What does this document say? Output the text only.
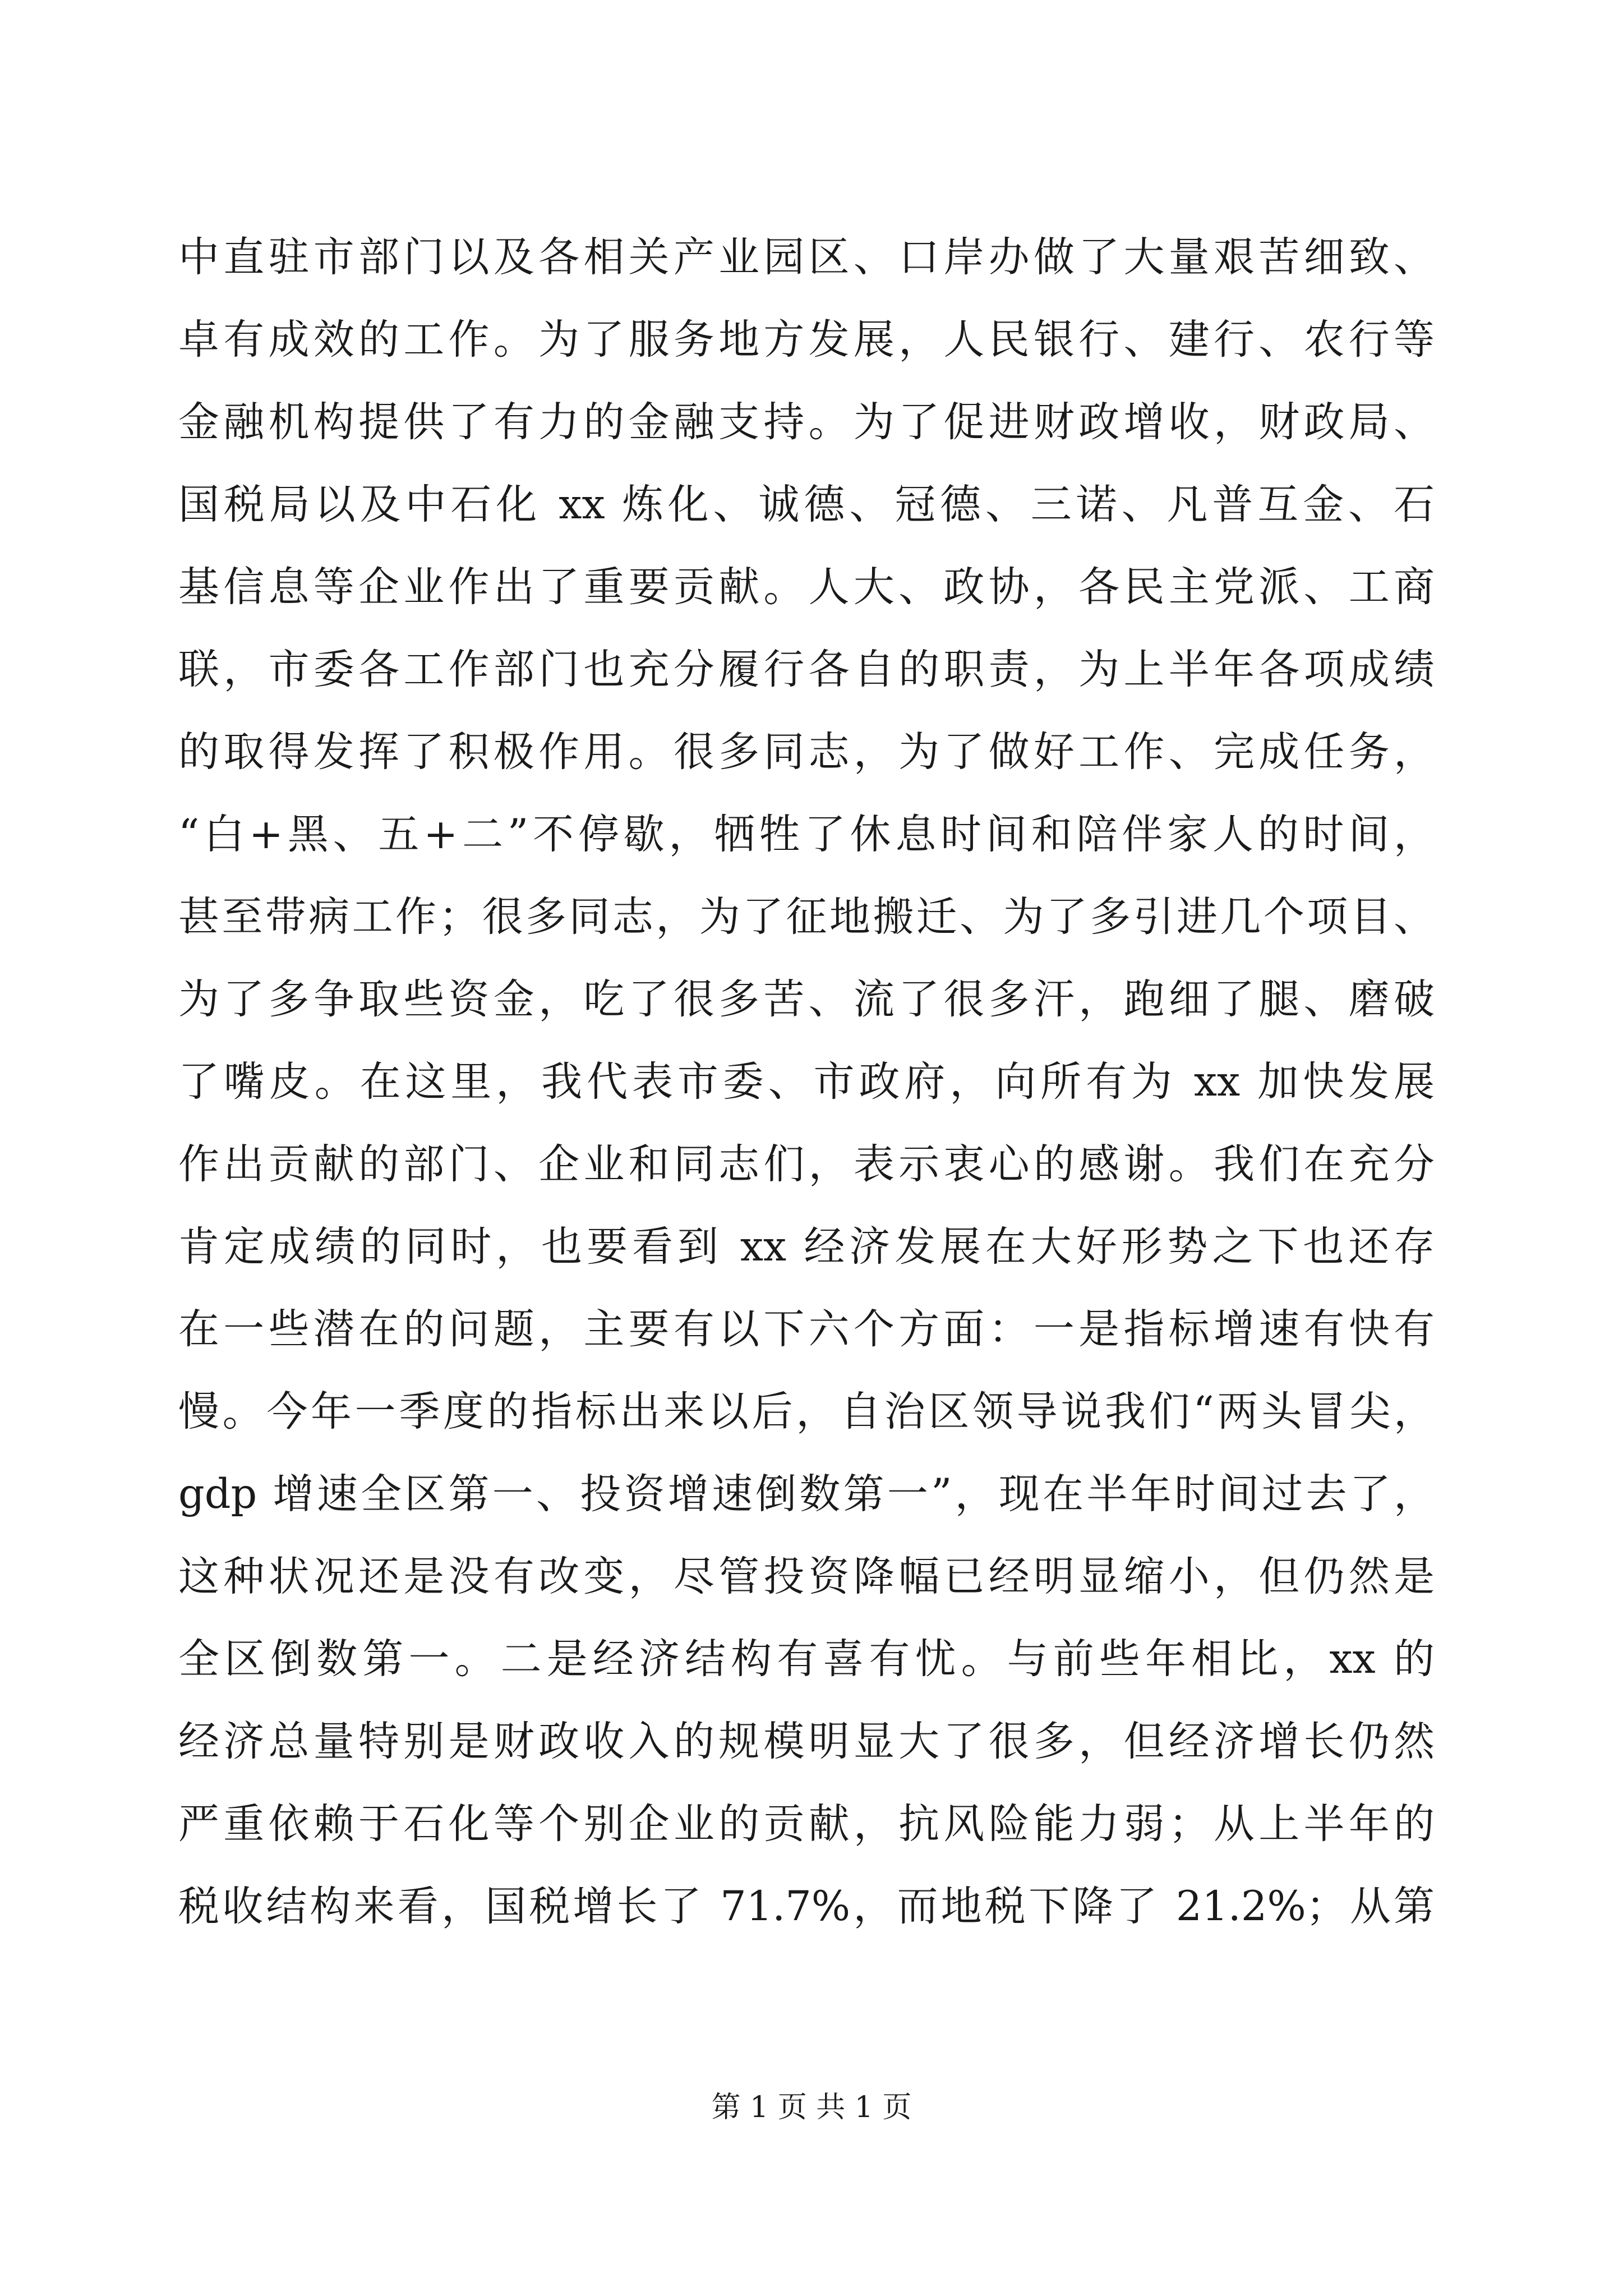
中直驻市部门以及各相关产业园区、口岸办做了大量艰苦细致、
卓有成效的工作。为了服务地方发展，人民银行、建行、农行等
金融机构提供了有力的金融支持。为了促进财政增收，财政局、
国税局以及中石化 xx 炼化、诚德、冠德、三诺、凡普互金、石
基信息等企业作出了重要贡献。人大、政协，各民主党派、工商
联，市委各工作部门也充分履行各自的职责，为上半年各项成绩
的取得发挥了积极作用。很多同志，为了做好工作、完成任务，
“白+黑、五+二”不停歇，牺牲了休息时间和陪伴家人的时间，
甚至带病工作；很多同志，为了征地搬迁、为了多引进几个项目、
为了多争取些资金，吃了很多苦、流了很多汗，跑细了腿、磨破
了嘴皮。在这里，我代表市委、市政府，向所有为 xx 加快发展
作出贡献的部门、企业和同志们，表示衷心的感谢。我们在充分
肯定成绩的同时，也要看到 xx 经济发展在大好形势之下也还存
在一些潜在的问题，主要有以下六个方面：一是指标增速有快有
慢。今年一季度的指标出来以后，自治区领导说我们“两头冒尖，
gdp 增速全区第一、投资增速倒数第一”，现在半年时间过去了，
这种状况还是没有改变，尽管投资降幅已经明显缩小，但仍然是
全区倒数第一。二是经济结构有喜有忧。与前些年相比，xx 的
经济总量特别是财政收入的规模明显大了很多，但经济增长仍然
严重依赖于石化等个别企业的贡献，抗风险能力弱；从上半年的
税收结构来看，国税增长了 71.7%，而地税下降了 21.2%；从第
第 1 页 共 1 页
